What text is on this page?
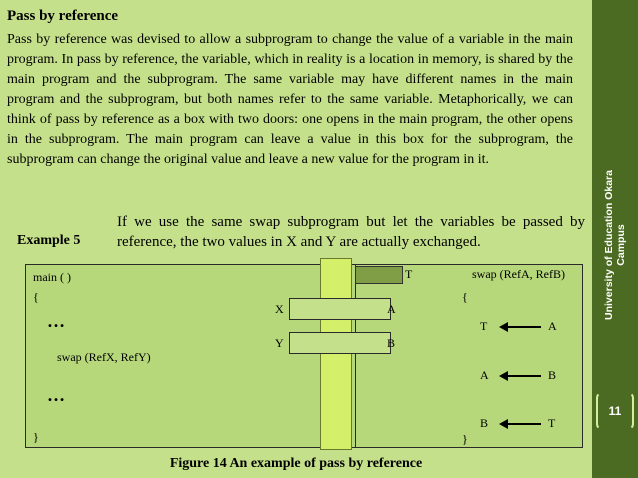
Pass by reference
Pass by reference was devised to allow a subprogram to change the value of a variable in the main program. In pass by reference, the variable, which in reality is a location in memory, is shared by the main program and the subprogram. The same variable may have different names in the main program and the subprogram, but both names refer to the same variable. Metaphorically, we can think of pass by reference as a box with two doors: one opens in the main program, the other opens in the subprogram. The main program can leave a value in this box for the subprogram, the subprogram can change the original value and leave a new value for the program in it.
Example 5
If we use the same swap subprogram but let the variables be passed by reference, the two values in X and Y are actually exchanged.
main ( )
{
…
swap (RefX, RefY)
…
}
X
Y
A
B
T	swap (RefA, RefB)
{
T	A
A	B
B	T
}
Figure 14 An example of pass by reference
University of Education Okara Campus
11
